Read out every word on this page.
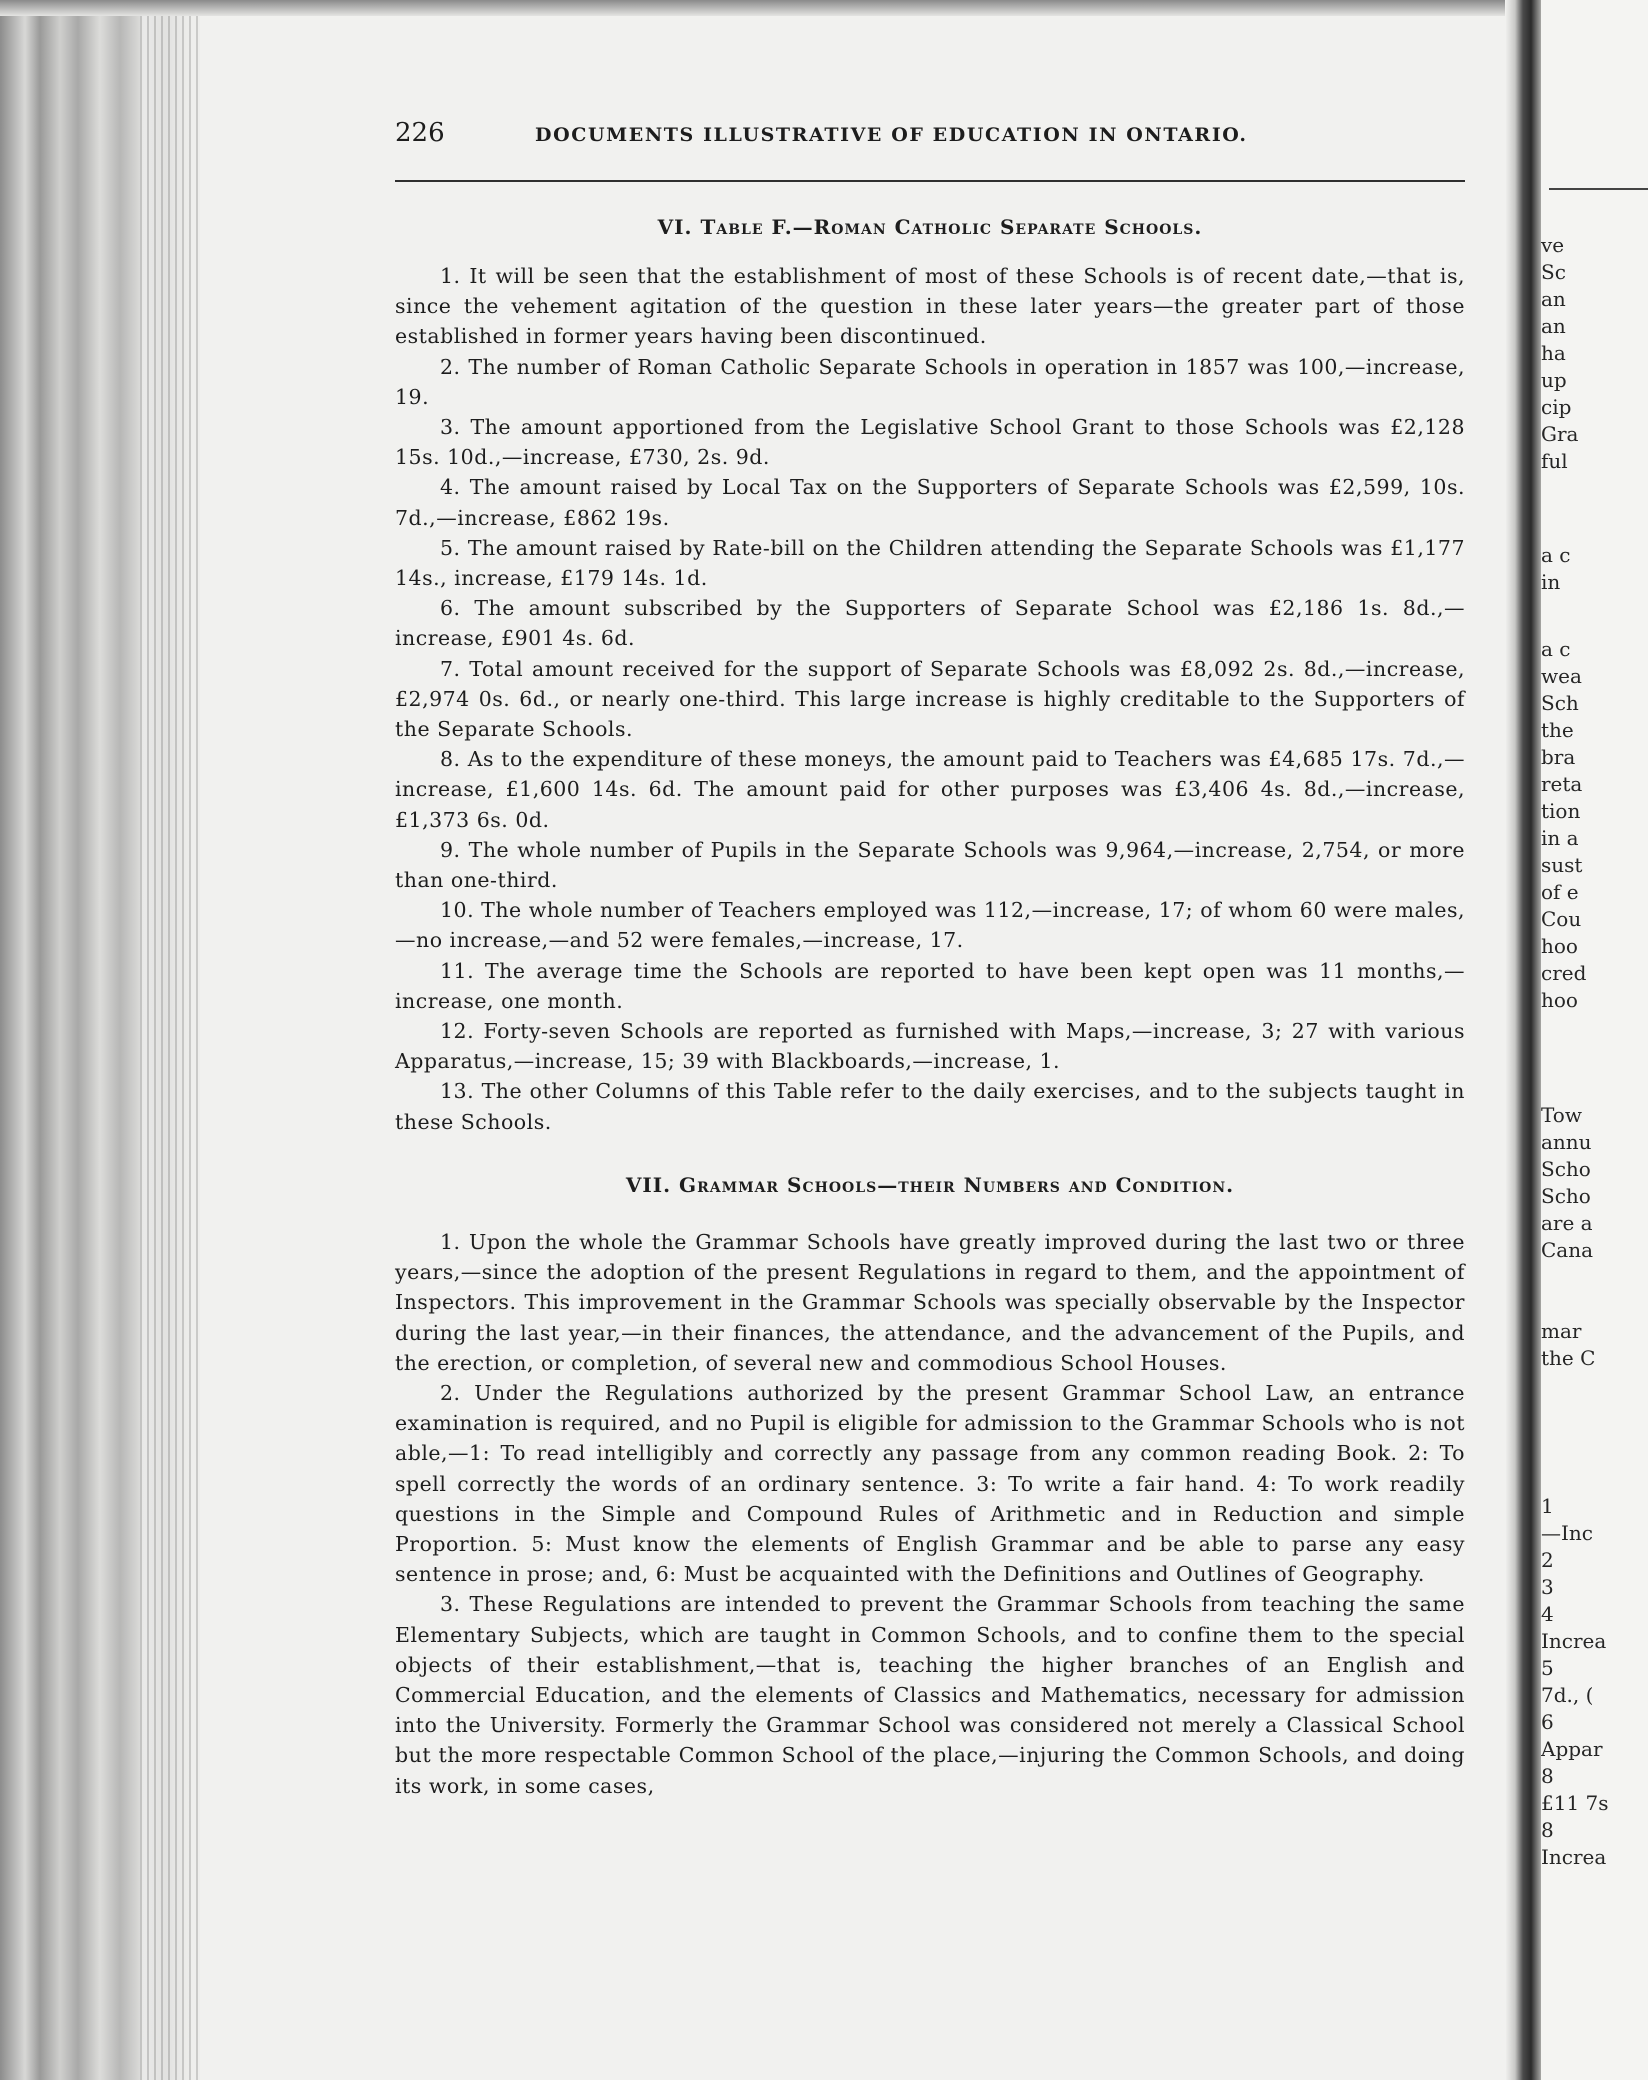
226	DOCUMENTS ILLUSTRATIVE OF EDUCATION IN ONTARIO.
VI. Table F.—Roman Catholic Separate Schools.

1. It will be seen that the establishment of most of these Schools is of recent date,—that is, since the vehement agitation of the question in these later years—the greater part of those established in former years having been discontinued.

2. The number of Roman Catholic Separate Schools in operation in 1857 was 100,—increase, 19.

3. The amount apportioned from the Legislative School Grant to those Schools was £2,128 15s. 10d.,—increase, £730, 2s. 9d.

4. The amount raised by Local Tax on the Supporters of Separate Schools was £2,599, 10s. 7d.,—increase, £862 19s.

5. The amount raised by Rate-bill on the Children attending the Separate Schools was £1,177 14s., increase, £179 14s. 1d.

6. The amount subscribed by the Supporters of Separate School was £2,186 1s. 8d.,—increase, £901 4s. 6d.

7. Total amount received for the support of Separate Schools was £8,092 2s. 8d.,—increase, £2,974 0s. 6d., or nearly one-third. This large increase is highly creditable to the Supporters of the Separate Schools.

8. As to the expenditure of these moneys, the amount paid to Teachers was £4,685 17s. 7d.,—increase, £1,600 14s. 6d. The amount paid for other purposes was £3,406 4s. 8d.,—increase, £1,373 6s. 0d.

9. The whole number of Pupils in the Separate Schools was 9,964,—increase, 2,754, or more than one-third.

10. The whole number of Teachers employed was 112,—increase, 17; of whom 60 were males,—no increase,—and 52 were females,—increase, 17.

11. The average time the Schools are reported to have been kept open was 11 months,—increase, one month.

12. Forty-seven Schools are reported as furnished with Maps,—increase, 3; 27 with various Apparatus,—increase, 15; 39 with Blackboards,—increase, 1.

13. The other Columns of this Table refer to the daily exercises, and to the subjects taught in these Schools.

VII. Grammar Schools—their Numbers and Condition.

1. Upon the whole the Grammar Schools have greatly improved during the last two or three years,—since the adoption of the present Regulations in regard to them, and the appointment of Inspectors. This improvement in the Grammar Schools was specially observable by the Inspector during the last year,—in their finances, the attendance, and the advancement of the Pupils, and the erection, or completion, of several new and commodious School Houses.

2. Under the Regulations authorized by the present Grammar School Law, an entrance examination is required, and no Pupil is eligible for admission to the Grammar Schools who is not able,—1: To read intelligibly and correctly any passage from any common reading Book. 2: To spell correctly the words of an ordinary sentence. 3: To write a fair hand. 4: To work readily questions in the Simple and Compound Rules of Arithmetic and in Reduction and simple Proportion. 5: Must know the elements of English Grammar and be able to parse any easy sentence in prose; and, 6: Must be acquainted with the Definitions and Outlines of Geography.

3. These Regulations are intended to prevent the Grammar Schools from teaching the same Elementary Subjects, which are taught in Common Schools, and to confine them to the special objects of their establishment,—that is, teaching the higher branches of an English and Commercial Education, and the elements of Classics and Mathematics, necessary for admission into the University. Formerly the Grammar School was considered not merely a Classical School but the more respectable Common School of the place,—injuring the Common Schools, and doing its work, in some cases,

ve

Sc

an

an

ha

up

cip

Gra

ful

a c

in

a c

wea

Sch

the

bra

reta

tion

in a

sust

of e

Cou

hoo

cred

hoo

Tow

annu

Scho

Scho

are a

Cana

mar

the C

1

—Inc

2

3

4

Increa

5

7d., (

6

Appar

8

£11 7s

8

Increa
